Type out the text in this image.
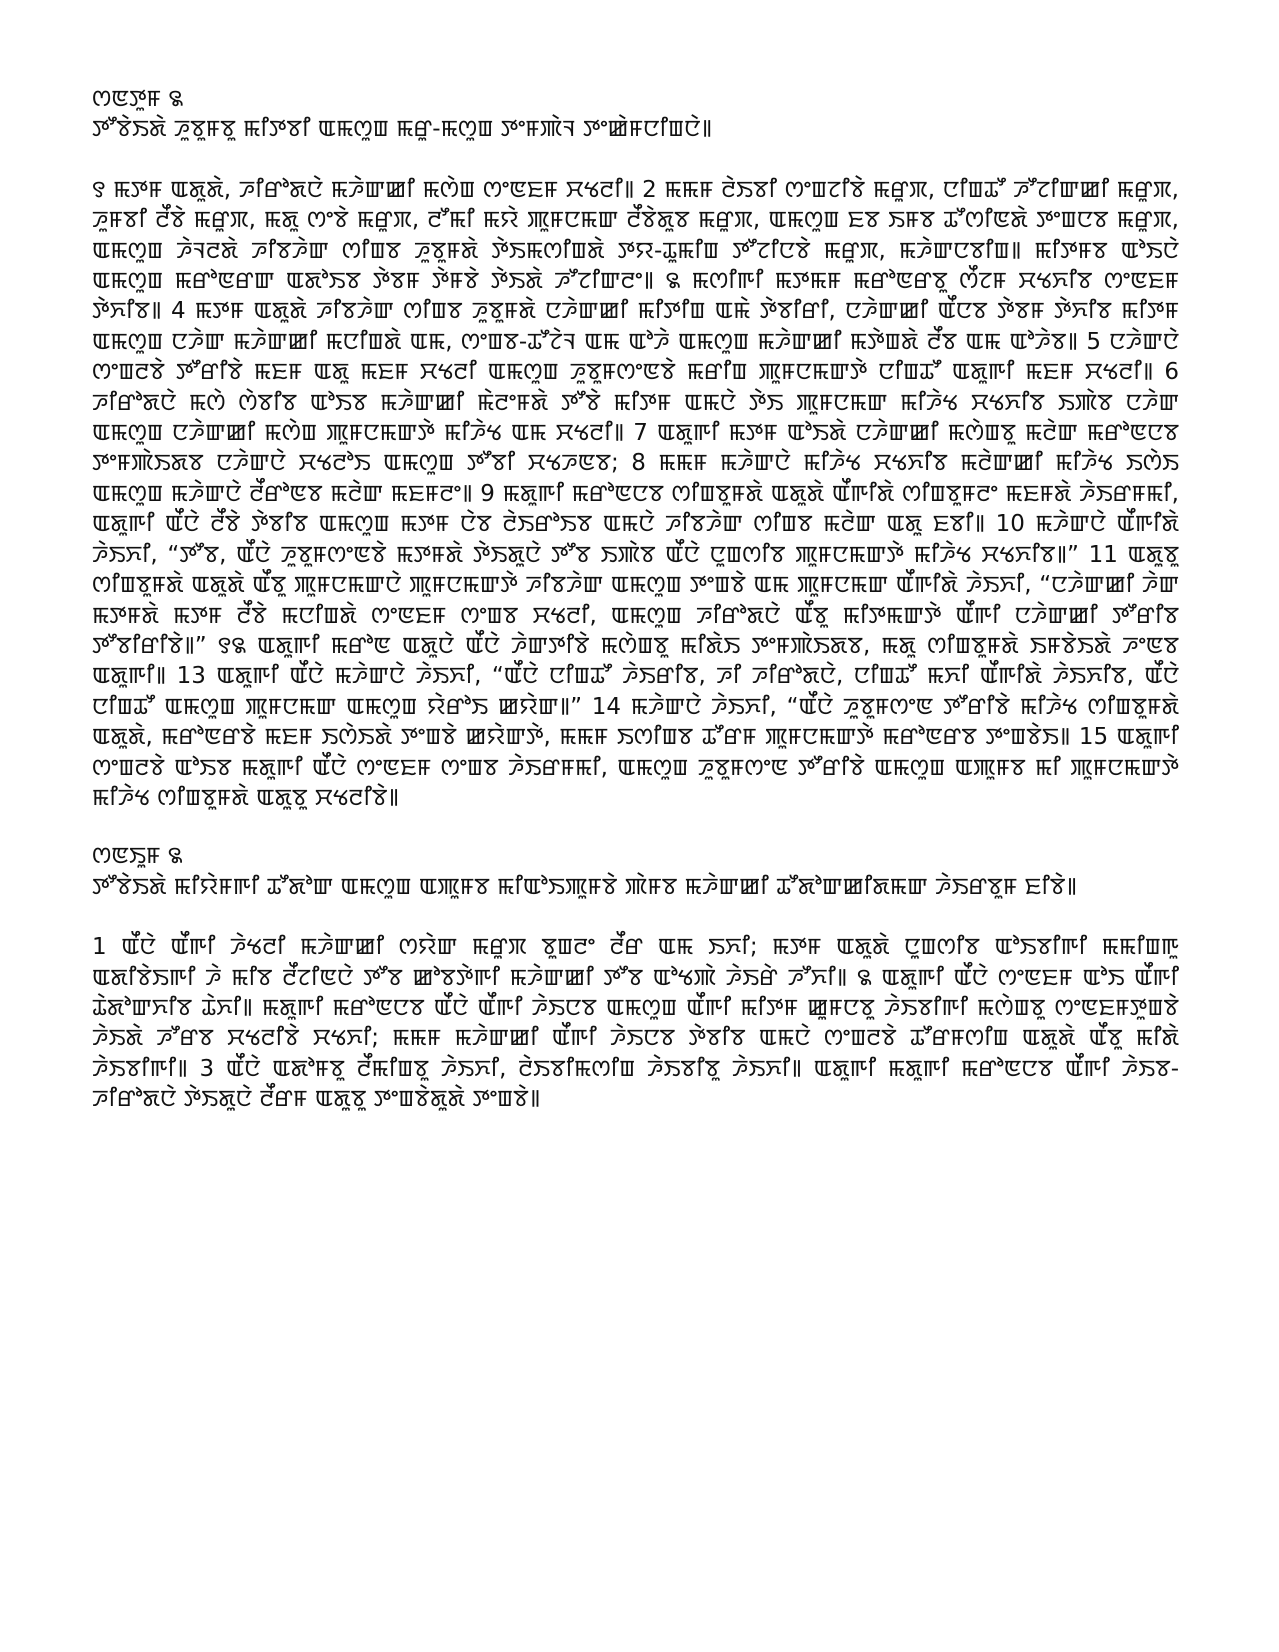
ꯁꯟꯇꯨꯝ ꯲

ꯇꯧꯕꯥꯏꯗꯥ ꯍꯨꯕꯨꯝꯕꯨ ꯃꯤꯇꯕꯤ ꯑꯃꯁꯨꯡ ꯃꯔꯨ-ꯃꯁꯨꯡ ꯇꯦꯝꯄꯥꯜ ꯇꯦꯀꯥꯝꯅꯤꯡꯅꯥ꯫

꯱ ꯃꯇꯝ ꯑꯗꯨꯗꯥ, ꯍꯤꯔꯣꯗꯅꯥ ꯃꯍꯥꯛꯀꯤ ꯃꯁꯥꯡ ꯁꯦꯟꯐꯝ ꯆꯠꯂꯤ꯫ 2 ꯃꯃꯝ ꯂꯥꯏꯕꯤ ꯁꯦꯡꯖꯤꯕꯥ ꯃꯔꯨꯞ, ꯅꯤꯡꯊꯧ ꯍꯧꯖꯤꯛꯀꯤ ꯃꯔꯨꯞ, ꯍꯨꯝꯕꯤ ꯂꯩꯕꯥ ꯃꯔꯨꯞ, ꯃꯗꯨ ꯁꯦꯕꯥ ꯃꯔꯨꯞ, ꯂꯧꯃꯤ ꯃꯌꯥ ꯄꯨꯝꯅꯃꯛ ꯂꯩꯕꯥꯗꯨꯕ ꯃꯔꯨꯞ, ꯑꯃꯁꯨꯡ ꯐꯕ ꯏꯝꯕ ꯊꯧꯁꯤꯟꯗꯥ ꯇꯦꯡꯅꯕ ꯃꯔꯨꯞ, ꯑꯃꯁꯨꯡ ꯍꯥꯜꯂꯗꯥ ꯍꯤꯕꯍꯥꯛ ꯁꯤꯡꯕ ꯍꯨꯕꯨꯝꯗꯥ ꯇꯥꯏꯃꯁꯤꯡꯗꯥ ꯇꯌ-ꯊꯨꯃꯤꯡ ꯇꯧꯖꯤꯅꯕꯥ ꯃꯔꯨꯞ, ꯃꯍꯥꯛꯅꯕꯤꯡ꯫ ꯃꯤꯇꯝꯕ ꯑꯣꯏꯅꯥ ꯑꯃꯁꯨꯡ ꯃꯔꯣꯟꯔꯛ ꯑꯗꯣꯏꯕ ꯇꯥꯕꯝ ꯇꯥꯝꯕꯥ ꯇꯥꯏꯗꯥ ꯍꯧꯖꯤꯛꯂꯦ꯫ ꯲ ꯃꯁꯤꯒꯤ ꯃꯇꯃꯝ ꯃꯔꯣꯟꯔꯕꯨ ꯁꯩꯖꯝ ꯆꯠꯈꯤꯕ ꯁꯦꯟꯐꯝ ꯇꯥꯈꯤꯕ꯫ 4 ꯃꯇꯝ ꯑꯗꯨꯗꯥ ꯍꯤꯕꯍꯥꯛ ꯁꯤꯡꯕ ꯍꯨꯕꯨꯝꯗꯥ ꯅꯍꯥꯛꯀꯤ ꯃꯤꯇꯤꯡ ꯑꯃꯥ ꯇꯥꯕꯤꯔꯤ, ꯅꯍꯥꯛꯀꯤ ꯑꯩꯅꯕ ꯇꯥꯕꯝ ꯇꯥꯈꯤꯕ ꯃꯤꯇꯝ ꯑꯃꯁꯨꯡ ꯅꯍꯥꯛ ꯃꯍꯥꯛꯀꯤ ꯃꯅꯤꯡꯗꯥ ꯑꯃ, ꯁꯦꯡꯕ-ꯊꯧꯖꯥꯜ ꯑꯃ ꯑꯣꯍꯥ ꯑꯃꯁꯨꯡ ꯃꯍꯥꯛꯀꯤ ꯃꯇꯥꯡꯗꯥ ꯂꯩꯕ ꯑꯃ ꯑꯣꯍꯥꯕ꯫ 5 ꯅꯍꯥꯛꯅꯥ ꯁꯦꯡꯂꯕꯥ ꯇꯧꯔꯤꯕꯥ ꯃꯐꯝ ꯑꯗꯨ ꯃꯐꯝ ꯆꯠꯂꯤ ꯑꯃꯁꯨꯡ ꯍꯨꯕꯨꯝꯁꯦꯟꯕꯥ ꯃꯔꯤꯡ ꯄꯨꯝꯅꯃꯛꯇꯥ ꯅꯤꯡꯊꯧ ꯑꯗꯨꯒꯤ ꯃꯐꯝ ꯆꯠꯂꯤ꯫ 6 ꯍꯤꯔꯣꯗꯅꯥ ꯃꯁꯥ ꯁꯥꯕꯤꯕ ꯑꯣꯏꯕ ꯃꯍꯥꯛꯀꯤ ꯃꯥꯂꯦꯝꯗꯥ ꯇꯧꯕꯥ ꯃꯤꯇꯝ ꯑꯃꯅꯥ ꯇꯥꯏ ꯄꯨꯝꯅꯃꯛ ꯃꯤꯍꯥꯠ ꯆꯠꯈꯤꯕ ꯏꯄꯥꯕ ꯅꯍꯥꯛ ꯑꯃꯁꯨꯡ ꯅꯍꯥꯛꯀꯤ ꯃꯁꯥꯡ ꯄꯨꯝꯅꯃꯛꯇꯥ ꯃꯤꯍꯥꯠ ꯑꯃ ꯆꯠꯂꯤ꯫ 7 ꯑꯗꯨꯒꯤ ꯃꯇꯝ ꯑꯣꯏꯗꯥ ꯅꯍꯥꯛꯀꯤ ꯃꯁꯥꯡꯕꯨ ꯃꯂꯥꯛ ꯃꯔꯣꯟꯅꯕ ꯇꯦꯝꯄꯥꯏꯗꯕ ꯅꯍꯥꯛꯅꯥ ꯆꯠꯂꯣꯏ ꯑꯃꯁꯨꯡ ꯇꯧꯕꯤ ꯆꯠꯍꯟꯕ; 8 ꯃꯃꯝ ꯃꯍꯥꯛꯅꯥ ꯃꯤꯍꯥꯠ ꯆꯠꯈꯤꯕ ꯃꯂꯥꯛꯀꯤ ꯃꯤꯍꯥꯠ ꯏꯁꯥꯏ ꯑꯃꯁꯨꯡ ꯃꯍꯥꯛꯅꯥ ꯂꯩꯔꯣꯟꯕ ꯃꯂꯥꯛ ꯃꯐꯝꯂꯦ꯫ 9 ꯃꯗꯨꯒꯤ ꯃꯔꯣꯟꯅꯕ ꯁꯤꯡꯕꯨꯝꯗꯥ ꯑꯗꯨꯗꯥ ꯑꯩꯒꯤꯗꯥ ꯁꯤꯡꯕꯨꯝꯂꯦ ꯃꯐꯝꯗꯥ ꯍꯥꯏꯔꯝꯃꯤ, ꯑꯗꯨꯒꯤ ꯑꯩꯅꯥ ꯂꯩꯕꯥ ꯇꯥꯕꯤꯕ ꯑꯃꯁꯨꯡ ꯃꯇꯝ ꯅꯥꯕ ꯂꯥꯏꯔꯣꯏꯕ ꯑꯃꯅꯥ ꯍꯤꯕꯍꯥꯛ ꯁꯤꯡꯕ ꯃꯂꯥꯛ ꯑꯗꯨ ꯐꯕꯤ꯫ 10 ꯃꯍꯥꯛꯅꯥ ꯑꯩꯒꯤꯗꯥ ꯍꯥꯏꯈꯤ, “ꯇꯧꯕ, ꯑꯩꯅꯥ ꯍꯨꯕꯨꯝꯁꯦꯟꯕꯥ ꯃꯇꯝꯗꯥ ꯇꯥꯏꯗꯨꯅꯥ ꯇꯧꯕ ꯏꯄꯥꯕ ꯑꯩꯅꯥ ꯅꯨꯡꯁꯤꯕ ꯄꯨꯝꯅꯃꯛꯇꯥ ꯃꯤꯍꯥꯠ ꯆꯠꯈꯤꯕ꯫” 11 ꯑꯗꯨꯕꯨ ꯁꯤꯡꯕꯨꯝꯗꯥ ꯑꯗꯨꯗꯥ ꯑꯩꯕꯨ ꯄꯨꯝꯅꯃꯛꯅꯥ ꯄꯨꯝꯅꯃꯛꯇꯥ ꯍꯤꯕꯍꯥꯛ ꯑꯃꯁꯨꯡ ꯇꯦꯡꯕꯥ ꯑꯃ ꯄꯨꯝꯅꯃꯛ ꯑꯩꯒꯤꯗꯥ ꯍꯥꯏꯈꯤ, “ꯅꯍꯥꯛꯀꯤ ꯍꯥꯛ ꯃꯇꯝꯗꯥ ꯃꯇꯝ ꯂꯩꯕꯥ ꯃꯅꯤꯡꯗꯥ ꯁꯦꯟꯐꯝ ꯁꯦꯡꯕ ꯆꯠꯂꯤ, ꯑꯃꯁꯨꯡ ꯍꯤꯔꯣꯗꯅꯥ ꯑꯩꯕꯨ ꯃꯤꯇꯃꯛꯇꯥ ꯑꯩꯒꯤ ꯅꯍꯥꯛꯀꯤ ꯇꯧꯔꯤꯕ ꯇꯧꯕꯤꯔꯤꯕꯥ꯫” ꯱꯲ ꯑꯗꯨꯒꯤ ꯃꯔꯣꯟ ꯑꯗꯨꯅꯥ ꯑꯩꯅꯥ ꯍꯥꯛꯇꯤꯕꯥ ꯃꯁꯥꯡꯕꯨ ꯃꯤꯗꯥꯏ ꯇꯦꯝꯄꯥꯏꯗꯕ, ꯃꯗꯨ ꯁꯤꯡꯕꯨꯝꯗꯥ ꯏꯝꯕꯥꯏꯗꯥ ꯍꯦꯟꯕ ꯑꯗꯨꯒꯤ꯫ 13 ꯑꯗꯨꯒꯤ ꯑꯩꯅꯥ ꯃꯍꯥꯛꯅꯥ ꯍꯥꯏꯈꯤ, “ꯑꯩꯅꯥ ꯅꯤꯡꯊꯧ ꯍꯥꯏꯔꯤꯕ, ꯍꯤ ꯍꯤꯔꯣꯗꯅꯥ, ꯅꯤꯡꯊꯧ ꯃꯈꯤ ꯑꯩꯒꯤꯗꯥ ꯍꯥꯏꯈꯤꯕ, ꯑꯩꯅꯥ ꯅꯤꯡꯊꯧ ꯑꯃꯁꯨꯡ ꯄꯨꯝꯅꯃꯛ ꯑꯃꯁꯨꯡ ꯌꯥꯔꯣꯏ ꯀꯌꯥꯛ꯫” 14 ꯃꯍꯥꯛꯅꯥ ꯍꯥꯏꯈꯤ, “ꯑꯩꯅꯥ ꯍꯨꯕꯨꯝꯁꯦꯟ ꯇꯧꯔꯤꯕꯥ ꯃꯤꯍꯥꯠ ꯁꯤꯡꯕꯨꯝꯗꯥ ꯑꯗꯨꯗꯥ, ꯃꯔꯣꯟꯔꯕꯥ ꯃꯐꯝ ꯏꯁꯥꯏꯗꯥ ꯇꯦꯡꯕꯥ ꯀꯌꯥꯛꯇꯥ, ꯃꯃꯝ ꯏꯁꯤꯡꯕ ꯊꯧꯔꯝ ꯄꯨꯝꯅꯃꯛꯇꯥ ꯃꯔꯣꯟꯔꯕ ꯇꯦꯡꯕꯥꯏ꯫ 15 ꯑꯗꯨꯒꯤ ꯁꯦꯡꯂꯕꯥ ꯑꯣꯏꯕ ꯃꯗꯨꯒꯤ ꯑꯩꯅꯥ ꯁꯦꯟꯐꯝ ꯁꯦꯡꯕ ꯍꯥꯏꯔꯝꯃꯤ, ꯑꯃꯁꯨꯡ ꯍꯨꯕꯨꯝꯁꯦꯟ ꯇꯧꯔꯤꯕꯥ ꯑꯃꯁꯨꯡ ꯑꯄꯨꯝꯕ ꯃꯤ ꯄꯨꯝꯅꯃꯛꯇꯥ ꯃꯤꯍꯥꯠ ꯁꯤꯡꯕꯨꯝꯗꯥ ꯑꯗꯨꯕꯨ ꯆꯠꯂꯤꯕꯥ꯫

ꯁꯟꯏꯨꯝ ꯲

ꯇꯧꯕꯥꯏꯗꯥ ꯃꯤꯌꯥꯝꯒꯤ ꯊꯧꯗꯣꯛ ꯑꯃꯁꯨꯡ ꯑꯄꯨꯝꯕ ꯃꯤꯑꯣꯏꯄꯨꯝꯕꯥ ꯄꯥꯝꯕ ꯃꯍꯥꯛꯀꯤ ꯊꯧꯗꯣꯛꯀꯤꯗꯃꯛ ꯍꯥꯏꯔꯕꯨꯝ ꯐꯤꯕꯥ꯫

1 ꯑꯩꯅꯥ ꯑꯩꯒꯤ ꯍꯥꯠꯂꯤ ꯃꯍꯥꯛꯀꯤ ꯁꯌꯥꯛ ꯃꯔꯨꯞ ꯕꯨꯡꯂꯦ ꯂꯩꯔ ꯑꯃ ꯏꯈꯤ; ꯃꯇꯝ ꯑꯗꯨꯗꯥ ꯅꯨꯡꯁꯤꯕ ꯑꯣꯏꯕꯤꯒꯤ ꯃꯃꯤꯡꯒꯨ ꯑꯗꯤꯕꯥꯏꯒꯤ ꯍꯥ ꯃꯤꯕ ꯂꯩꯖꯤꯟꯅꯥ ꯇꯧꯕ ꯀꯣꯕꯇꯥꯒꯤ ꯃꯍꯥꯛꯀꯤ ꯇꯧꯕ ꯑꯣꯠꯄꯥ ꯍꯥꯏꯔꯥ ꯍꯧꯈꯤ꯫ ꯲ ꯑꯗꯨꯒꯤ ꯑꯩꯅꯥ ꯁꯦꯟꯐꯝ ꯑꯣꯏ ꯑꯩꯒꯤ ꯊꯥꯗꯣꯛꯈꯤꯕ ꯊꯥꯈꯤ꯫ ꯃꯗꯨꯒꯤ ꯃꯔꯣꯟꯅꯕ ꯑꯩꯅꯥ ꯑꯩꯒꯤ ꯍꯥꯏꯅꯕ ꯑꯃꯁꯨꯡ ꯑꯩꯒꯤ ꯃꯤꯇꯝ ꯀꯨꯝꯅꯕꯨ ꯍꯥꯏꯕꯤꯒꯤ ꯃꯁꯥꯡꯕꯨ ꯁꯦꯟꯐꯝꯇꯨꯡꯕꯥ ꯍꯥꯏꯗꯥ ꯍꯧꯔꯕ ꯆꯠꯂꯤꯕꯥ ꯆꯠꯈꯤ; ꯃꯃꯝ ꯃꯍꯥꯛꯀꯤ ꯑꯩꯒꯤ ꯍꯥꯏꯅꯕ ꯇꯥꯕꯤꯕ ꯑꯃꯅꯥ ꯁꯦꯡꯂꯕꯥ ꯊꯧꯔꯝꯁꯤꯡ ꯑꯗꯨꯗꯥ ꯑꯩꯕꯨ ꯃꯤꯗꯥ ꯍꯥꯏꯕꯤꯒꯤ꯫ 3 ꯑꯩꯅꯥ ꯑꯗꯣꯝꯕꯨ ꯂꯩꯃꯤꯡꯕꯨ ꯍꯥꯏꯈꯤ, ꯂꯥꯏꯕꯤꯃꯁꯤꯡ ꯍꯥꯏꯕꯤꯕꯨ ꯍꯥꯏꯈꯤ꯫ ꯑꯗꯨꯒꯤ ꯃꯗꯨꯒꯤ ꯃꯔꯣꯟꯅꯕ ꯑꯩꯒꯤ ꯍꯥꯏꯕ-ꯍꯤꯔꯣꯗꯅꯥ ꯇꯥꯏꯗꯨꯅꯥ ꯂꯩꯔꯝ ꯑꯗꯨꯕꯨ ꯇꯦꯡꯕꯥꯗꯨꯗꯥ ꯇꯦꯡꯕꯥ꯫
